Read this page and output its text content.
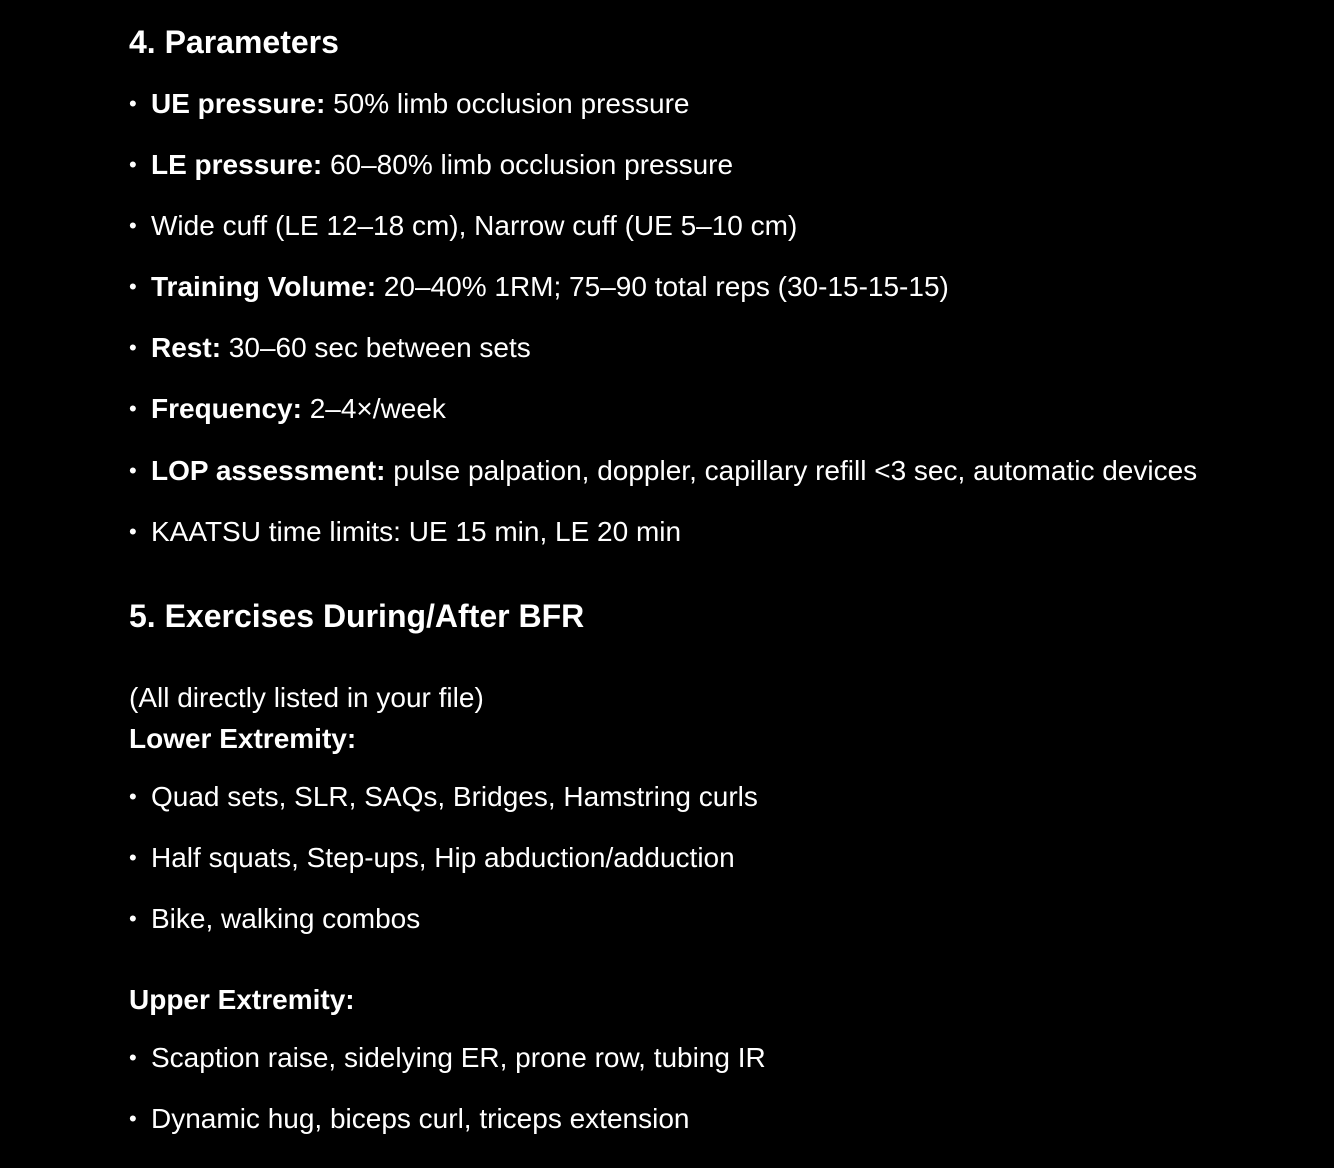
4. Parameters
• UE pressure: 50% limb occlusion pressure
• LE pressure: 60–80% limb occlusion pressure
• Wide cuff (LE 12–18 cm), Narrow cuff (UE 5–10 cm)
• Training Volume: 20–40% 1RM; 75–90 total reps (30-15-15-15)
• Rest: 30–60 sec between sets
• Frequency: 2–4×/week
• LOP assessment: pulse palpation, doppler, capillary refill <3 sec, automatic devices
• KAATSU time limits: UE 15 min, LE 20 min
5. Exercises During/After BFR
(All directly listed in your file)
Lower Extremity:
• Quad sets, SLR, SAQs, Bridges, Hamstring curls
• Half squats, Step-ups, Hip abduction/adduction
• Bike, walking combos
Upper Extremity:
• Scaption raise, sidelying ER, prone row, tubing IR
• Dynamic hug, biceps curl, triceps extension
